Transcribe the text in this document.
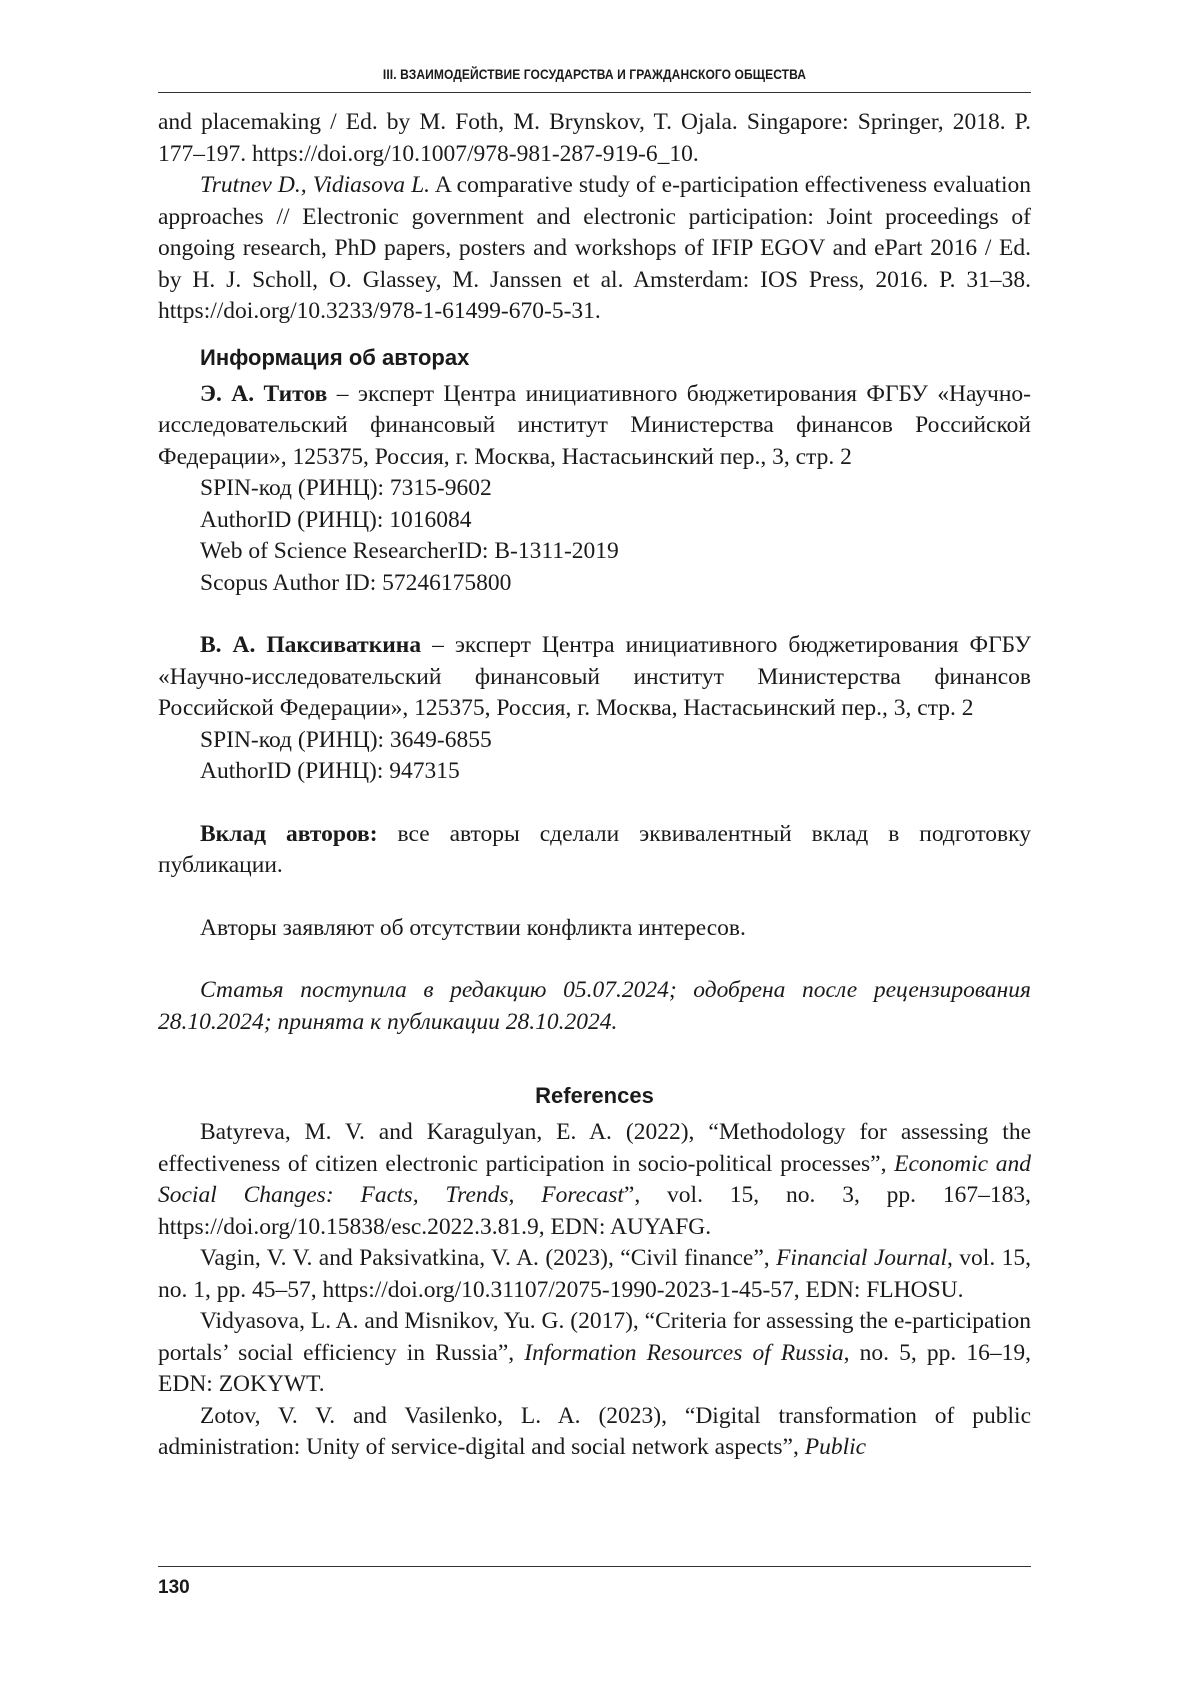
III. ВЗАИМОДЕЙСТВИЕ ГОСУДАРСТВА И ГРАЖДАНСКОГО ОБЩЕСТВА

and placemaking / Ed. by M. Foth, M. Brynskov, T. Ojala. Singapore: Springer, 2018. P. 177–197. https://doi.org/10.1007/978-981-287-919-6_10.

Trutnev D., Vidiasova L. A comparative study of e-participation effectiveness evaluation approaches // Electronic government and electronic participation: Joint proceedings of ongoing research, PhD papers, posters and workshops of IFIP EGOV and ePart 2016 / Ed. by H. J. Scholl, O. Glassey, M. Janssen et al. Amsterdam: IOS Press, 2016. P. 31–38. https://doi.org/10.3233/978-1-61499-670-5-31.

Информация об авторах

Э. А. Титов – эксперт Центра инициативного бюджетирования ФГБУ «Научно-исследовательский финансовый институт Министерства финансов Российской Федерации», 125375, Россия, г. Москва, Настасьинский пер., 3, стр. 2

SPIN-код (РИНЦ): 7315-9602

AuthorID (РИНЦ): 1016084

Web of Science ResearcherID: B-1311-2019

Scopus Author ID: 57246175800

В. А. Паксиваткина – эксперт Центра инициативного бюджетирования ФГБУ «Научно-исследовательский финансовый институт Министерства финансов Российской Федерации», 125375, Россия, г. Москва, Настасьинский пер., 3, стр. 2

SPIN-код (РИНЦ): 3649-6855

AuthorID (РИНЦ): 947315

Вклад авторов: все авторы сделали эквивалентный вклад в подготовку публикации.

Авторы заявляют об отсутствии конфликта интересов.

Статья поступила в редакцию 05.07.2024; одобрена после рецензирования 28.10.2024; принята к публикации 28.10.2024.

References

Batyreva, M. V. and Karagulyan, E. A. (2022), “Methodology for assessing the effectiveness of citizen electronic participation in socio-political processes”, Economic and Social Changes: Facts, Trends, Forecast”, vol. 15, no. 3, pp. 167–183, https://doi.org/10.15838/esc.2022.3.81.9, EDN: AUYAFG.

Vagin, V. V. and Paksivatkina, V. A. (2023), “Civil finance”, Financial Journal, vol. 15, no. 1, pp. 45–57, https://doi.org/10.31107/2075-1990-2023-1-45-57, EDN: FLHOSU.

Vidyasova, L. A. and Misnikov, Yu. G. (2017), “Criteria for assessing the e-participation portals’ social efficiency in Russia”, Information Resources of Russia, no. 5, pp. 16–19, EDN: ZOKYWT.

Zotov, V. V. and Vasilenko, L. A. (2023), “Digital transformation of public administration: Unity of service-digital and social network aspects”, Public

130
